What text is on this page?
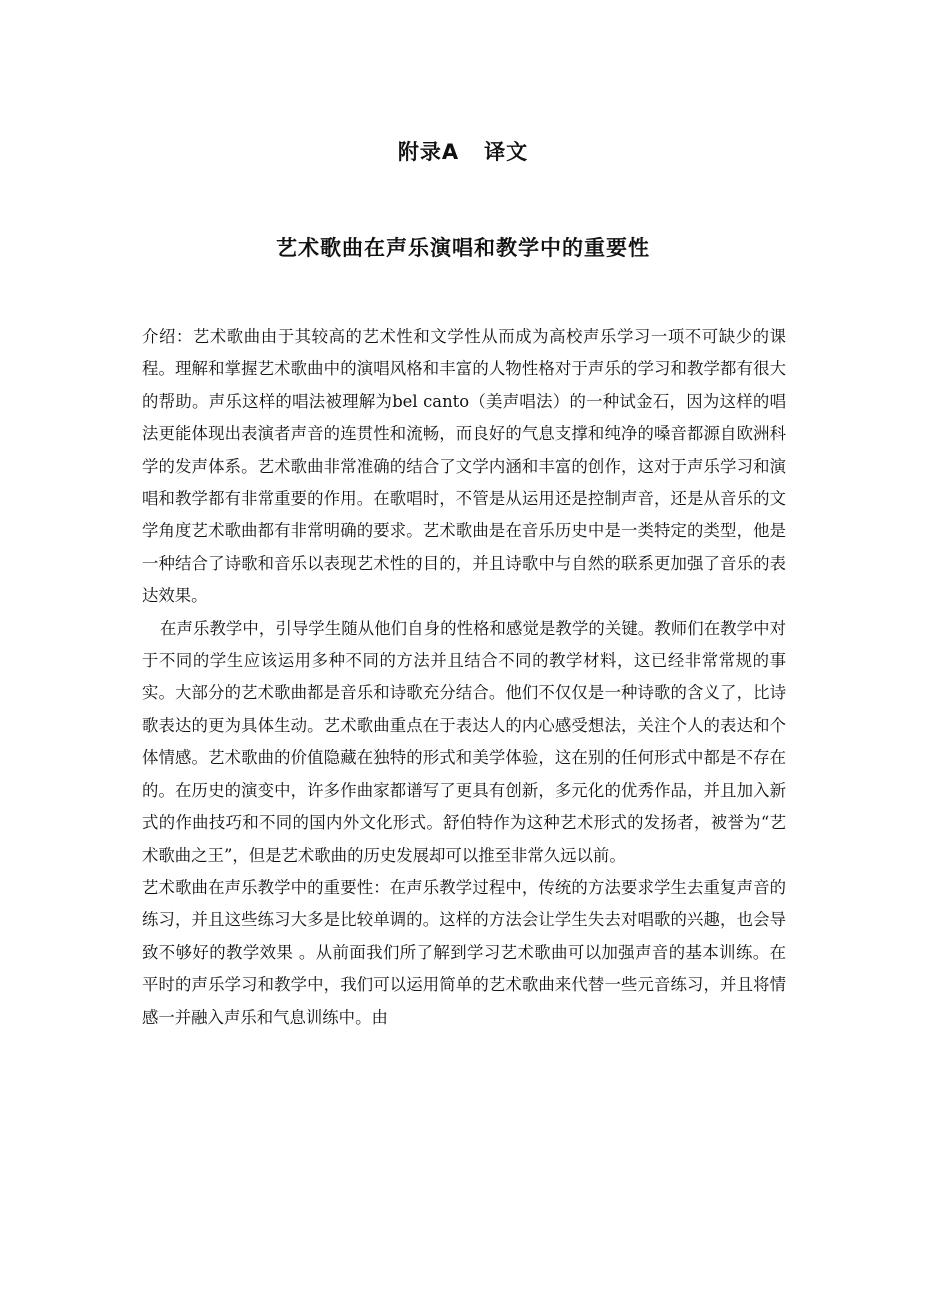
附录A   译文
艺术歌曲在声乐演唱和教学中的重要性

介绍：艺术歌曲由于其较高的艺术性和文学性从而成为高校声乐学习一项不可缺少的课程。理解和掌握艺术歌曲中的演唱风格和丰富的人物性格对于声乐的学习和教学都有很大的帮助。声乐这样的唱法被理解为bel canto（美声唱法）的一种试金石，因为这样的唱法更能体现出表演者声音的连贯性和流畅，而良好的气息支撑和纯净的嗓音都源自欧洲科学的发声体系。艺术歌曲非常准确的结合了文学内涵和丰富的创作，这对于声乐学习和演唱和教学都有非常重要的作用。在歌唱时，不管是从运用还是控制声音，还是从音乐的文学角度艺术歌曲都有非常明确的要求。艺术歌曲是在音乐历史中是一类特定的类型，他是一种结合了诗歌和音乐以表现艺术性的目的，并且诗歌中与自然的联系更加强了音乐的表达效果。

在声乐教学中，引导学生随从他们自身的性格和感觉是教学的关键。教师们在教学中对于不同的学生应该运用多种不同的方法并且结合不同的教学材料，这已经非常常规的事实。大部分的艺术歌曲都是音乐和诗歌充分结合。他们不仅仅是一种诗歌的含义了，比诗歌表达的更为具体生动。艺术歌曲重点在于表达人的内心感受想法，关注个人的表达和个体情感。艺术歌曲的价值隐藏在独特的形式和美学体验，这在别的任何形式中都是不存在的。在历史的演变中，许多作曲家都谱写了更具有创新，多元化的优秀作品，并且加入新式的作曲技巧和不同的国内外文化形式。舒伯特作为这种艺术形式的发扬者，被誉为“艺术歌曲之王”，但是艺术歌曲的历史发展却可以推至非常久远以前。

艺术歌曲在声乐教学中的重要性：在声乐教学过程中，传统的方法要求学生去重复声音的练习，并且这些练习大多是比较单调的。这样的方法会让学生失去对唱歌的兴趣，也会导致不够好的教学效果 。从前面我们所了解到学习艺术歌曲可以加强声音的基本训练。在平时的声乐学习和教学中，我们可以运用简单的艺术歌曲来代替一些元音练习，并且将情感一并融入声乐和气息训练中。由
